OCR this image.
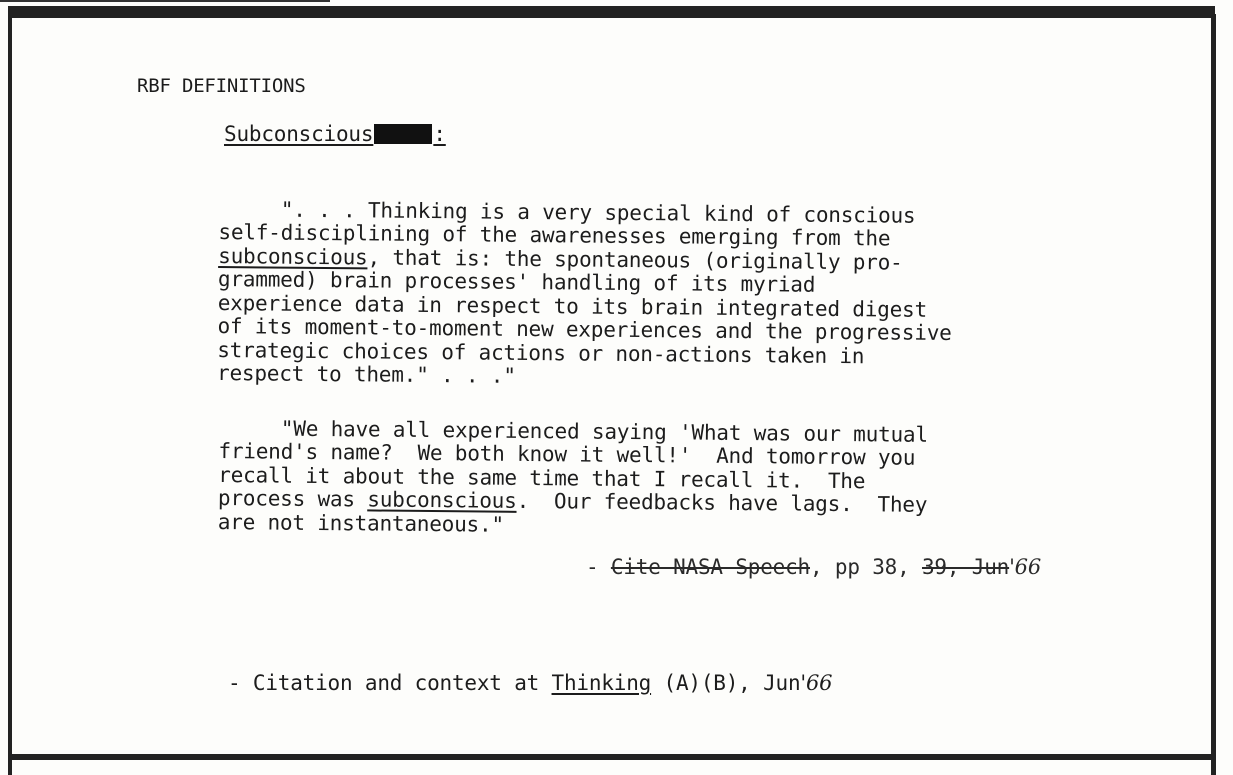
RBF DEFINITIONS
Subconscious	:

". . . Thinking is a very special kind of conscious
self-disciplining of the awarenesses emerging from the
subconscious, that is: the spontaneous (originally pro-
grammed) brain processes' handling of its myriad
experience data in respect to its brain integrated digest
of its moment-to-moment new experiences and the progressive
strategic choices of actions or non-actions taken in
respect to them." . . ."

"We have all experienced saying 'What was our mutual
friend's name?  We both know it well!'  And tomorrow you
recall it about the same time that I recall it.  The
process was subconscious.  Our feedbacks have lags.  They
are not instantaneous."
- Cite NASA Speech, pp 38, 39, Jun'66
- Citation and context at Thinking (A)(B), Jun'66
